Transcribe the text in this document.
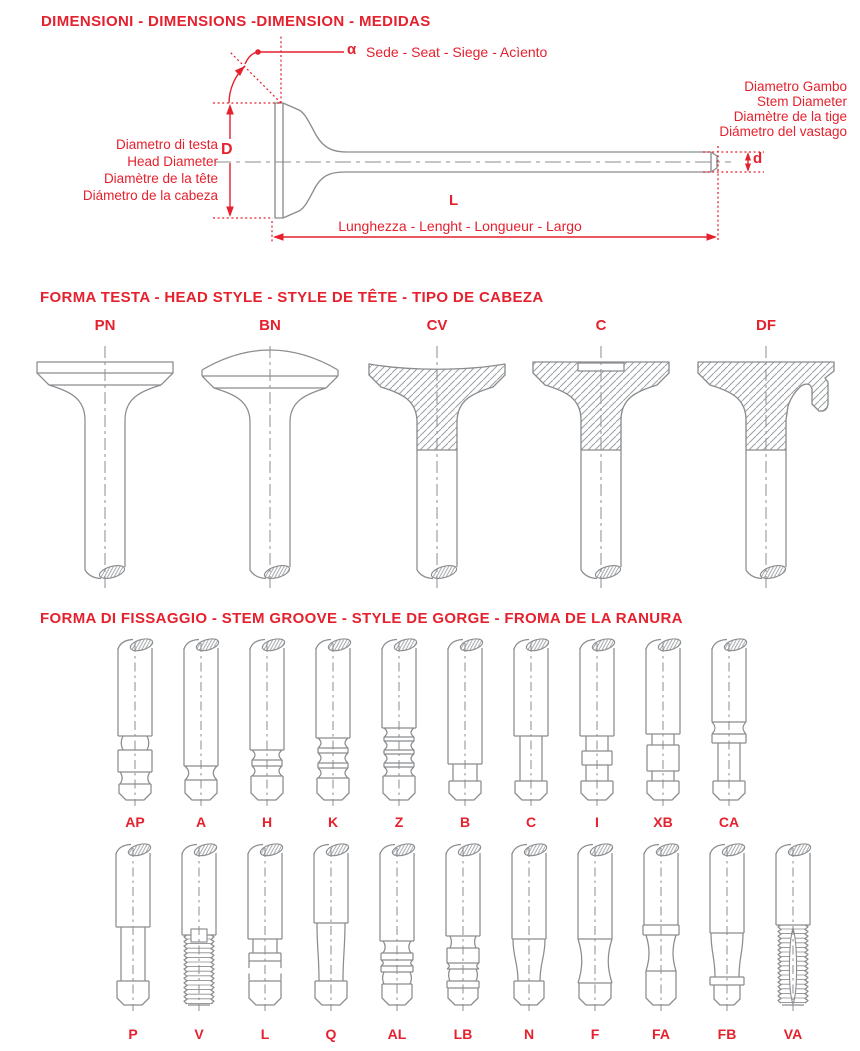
DIMENSIONI - DIMENSIONS -DIMENSION - MEDIDAS
α Sede - Seat - Siege - Acìento
Diametro Gambo
Stem Diameter
Diamètre de la tige
Diámetro del vastago
Diametro di testa
Head Diameter
Diamètre de la tête
Diámetro de la cabeza
D
d
L
Lunghezza - Lenght - Longueur - Largo
FORMA TESTA - HEAD STYLE - STYLE DE TÊTE - TIPO DE CABEZA
FORMA DI FISSAGGIO - STEM GROOVE - STYLE DE GORGE - FROMA DE LA RANURA
PN	BN	CV	C	DF
AP	A	H	K	Z	B	C	I	XB	CA
P	V	L	Q	AL	LB	N	F	FA	FB	VA
